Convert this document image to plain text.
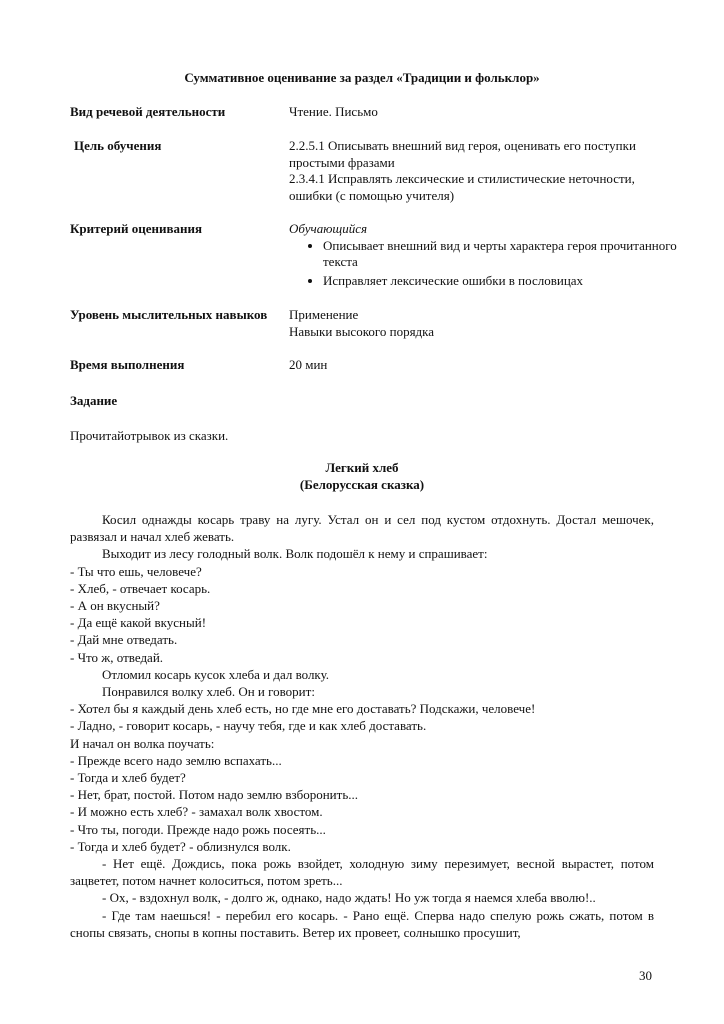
Суммативное оценивание за раздел «Традиции и фольклор»
Вид речевой деятельности	Чтение. Письмо
Цель обучения	2.2.5.1 Описывать внешний вид героя, оценивать его поступки простыми фразами
2.3.4.1 Исправлять лексические и стилистические неточности, ошибки (с помощью учителя)
Критерий оценивания	Обучающийся
• Описывает внешний вид и черты характера героя прочитанного текста
• Исправляет лексические ошибки в пословицах
Уровень мыслительных навыков	Применение
Навыки высокого порядка
Время выполнения	20 мин
Задание
Прочитайотрывок из сказки.
Легкий хлеб
(Белорусская сказка)

Косил однажды косарь траву на лугу. Устал он и сел под кустом отдохнуть. Достал мешочек, развязал и начал хлеб жевать.

Выходит из лесу голодный волк. Волк подошёл к нему и спрашивает:

- Ты что ешь, человече?

- Хлеб, - отвечает косарь.

- А он вкусный?

- Да ещё какой вкусный!

- Дай мне отведать.

- Что ж, отведай.

Отломил косарь кусок хлеба и дал волку.

Понравился волку хлеб. Он и говорит:

- Хотел бы я каждый день хлеб есть, но где мне его доставать? Подскажи, человече!

- Ладно, - говорит косарь, - научу тебя, где и как хлеб доставать.

И начал он волка поучать:

- Прежде всего надо землю вспахать...

- Тогда и хлеб будет?

- Нет, брат, постой. Потом надо землю взборонить...

- И можно есть хлеб? - замахал волк хвостом.

- Что ты, погоди. Прежде надо рожь посеять...

- Тогда и хлеб будет? - облизнулся волк.

- Нет ещё. Дождись, пока рожь взойдет, холодную зиму перезимует, весной вырастет, потом зацветет, потом начнет колоситься, потом зреть...

- Ох, - вздохнул волк, - долго ж, однако, надо ждать! Но уж тогда я наемся хлеба вволю!..

- Где там наешься! - перебил его косарь. - Рано ещё. Сперва надо спелую рожь сжать, потом в снопы связать, снопы в копны поставить. Ветер их провеет, солнышко просушит,

30
